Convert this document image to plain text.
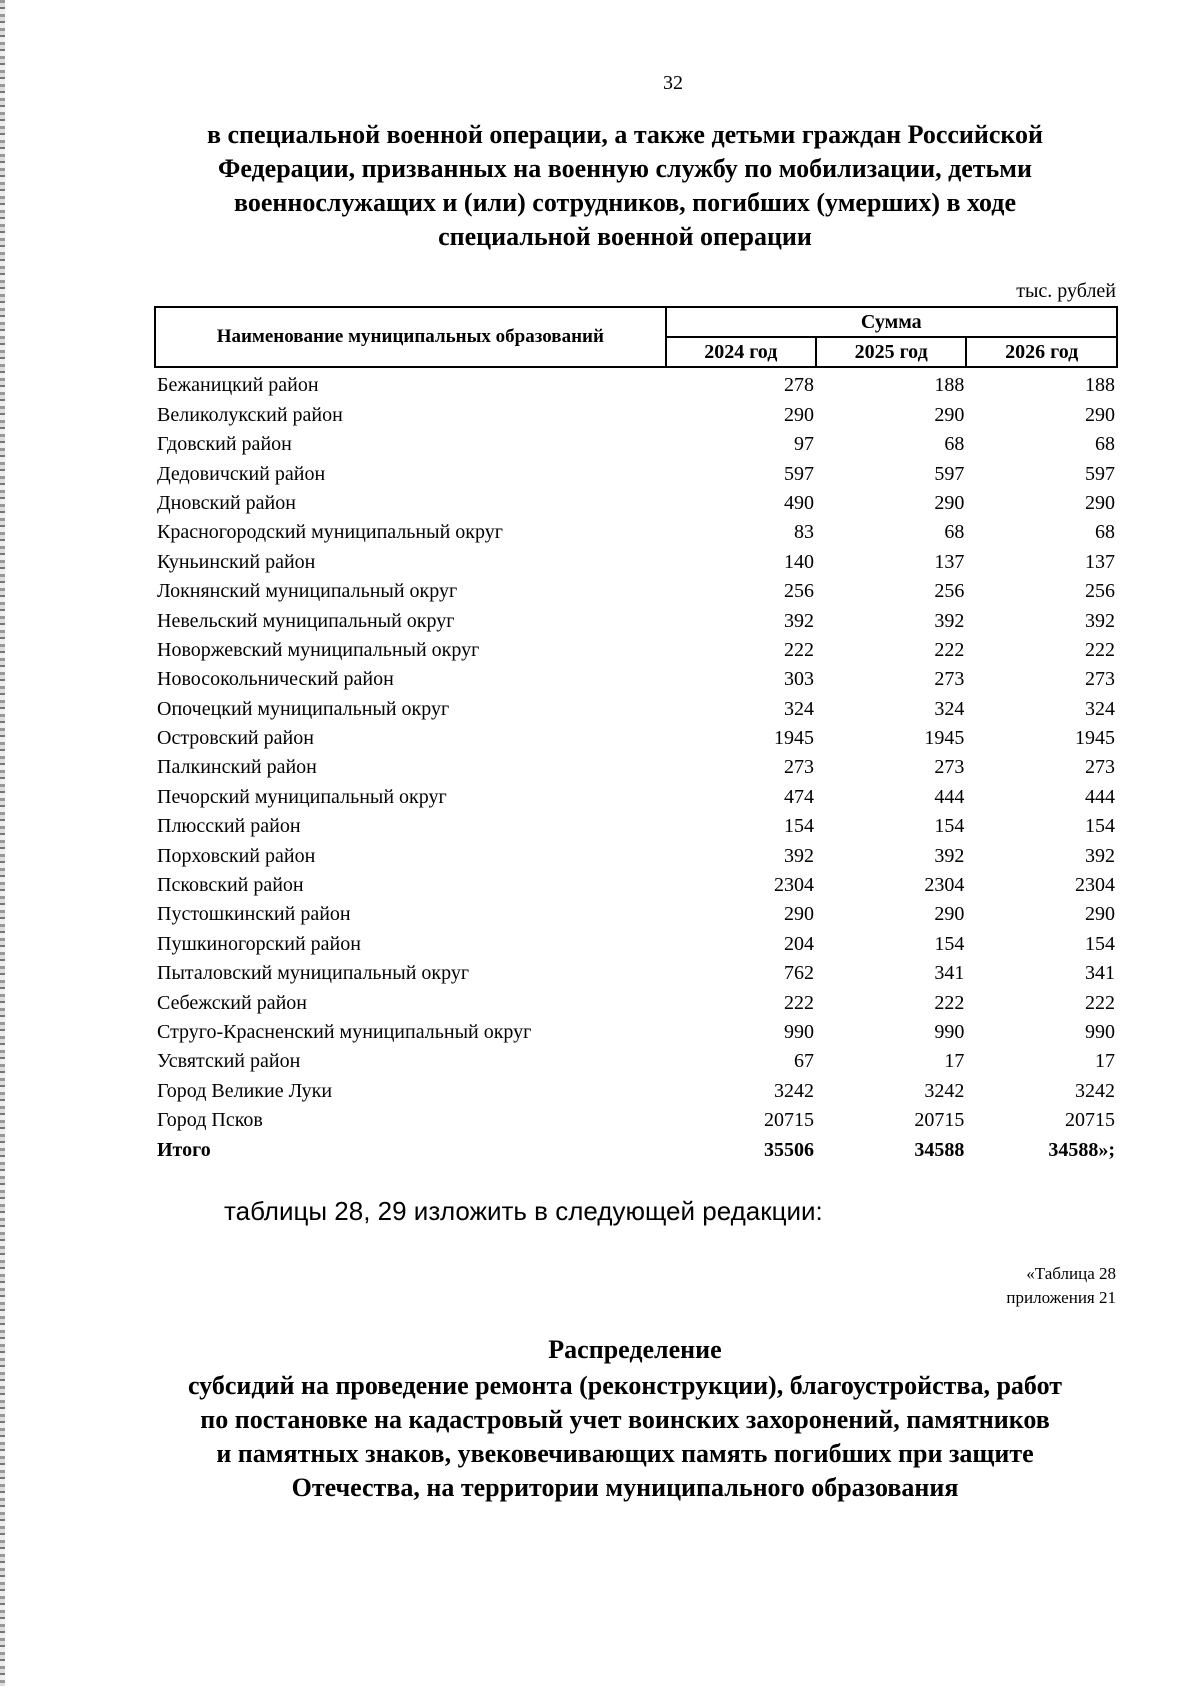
32
в специальной военной операции, а также детьми граждан Российской
Федерации, призванных на военную службу по мобилизации, детьми
военнослужащих и (или) сотрудников, погибших (умерших) в ходе
специальной военной операции
тыс. рублей
Наименование муниципальных образований	Сумма		
	2024 год	2025 год	2026 год
Бежаницкий район	278	188	188
Великолукский район	290	290	290
Гдовский район	97	68	68
Дедовичский район	597	597	597
Дновский район	490	290	290
Красногородский муниципальный округ	83	68	68
Куньинский район	140	137	137
Локнянский муниципальный округ	256	256	256
Невельский муниципальный округ	392	392	392
Новоржевский муниципальный округ	222	222	222
Новосокольнический район	303	273	273
Опочецкий муниципальный округ	324	324	324
Островский район	1945	1945	1945
Палкинский район	273	273	273
Печорский муниципальный округ	474	444	444
Плюсский район	154	154	154
Порховский район	392	392	392
Псковский район	2304	2304	2304
Пустошкинский район	290	290	290
Пушкиногорский район	204	154	154
Пыталовский муниципальный округ	762	341	341
Себежский район	222	222	222
Струго-Красненский муниципальный округ	990	990	990
Усвятский район	67	17	17
Город Великие Луки	3242	3242	3242
Город Псков	20715	20715	20715
Итого	35506	34588	34588»;
таблицы 28, 29 изложить в следующей редакции:
«Таблица 28
приложения 21
Распределение
субсидий на проведение ремонта (реконструкции), благоустройства, работ
по постановке на кадастровый учет воинских захоронений, памятников
и памятных знаков, увековечивающих память погибших при защите
Отечества, на территории муниципального образования
